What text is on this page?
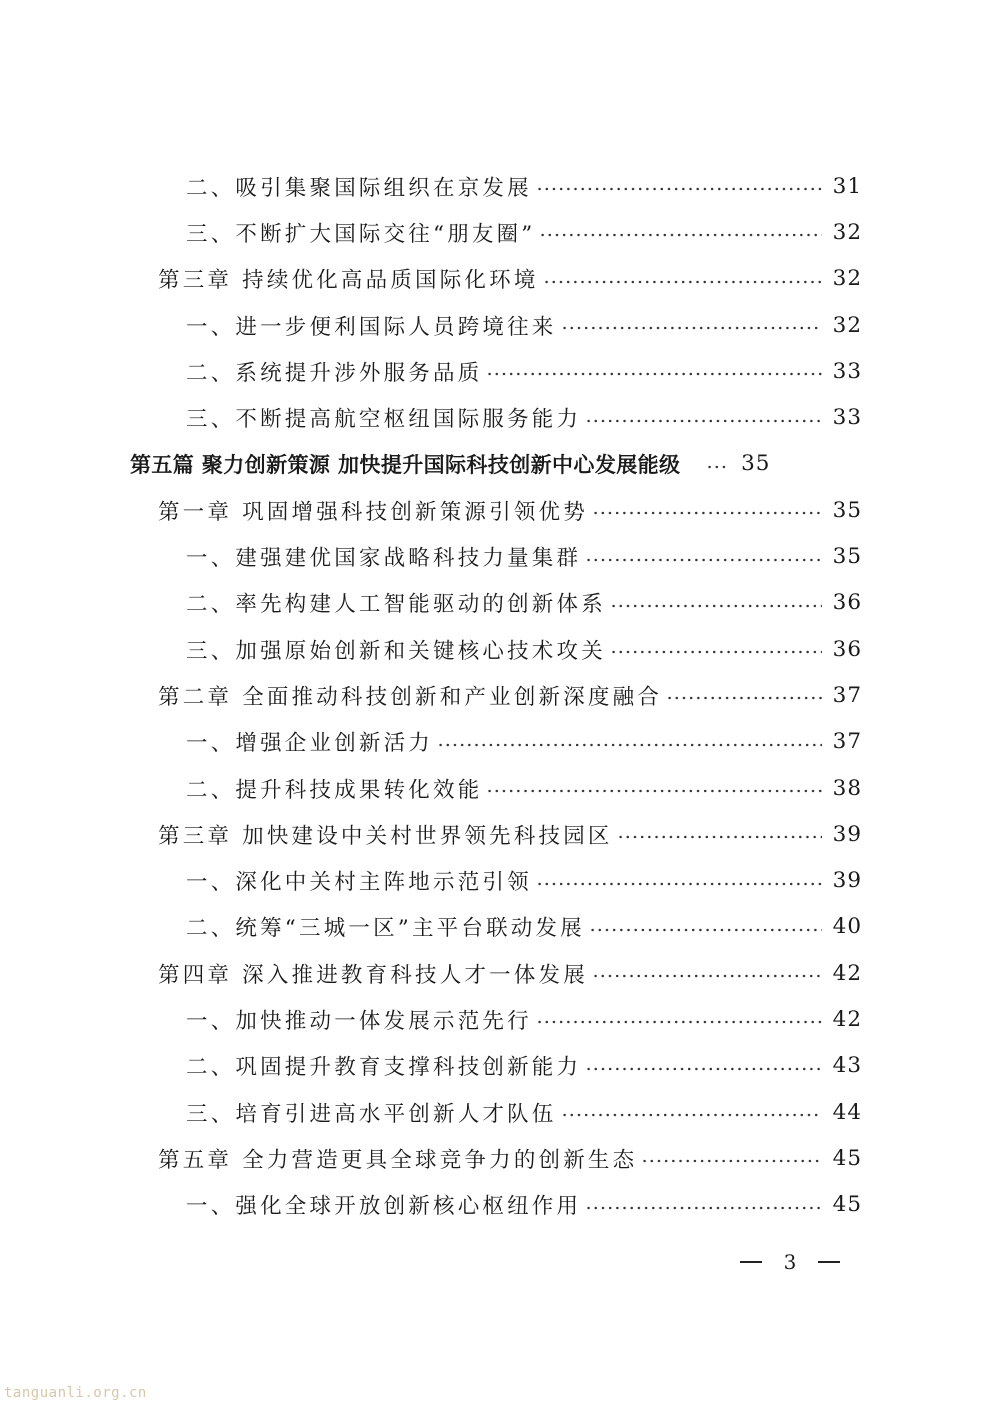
二、吸引集聚国际组织在京发展	31
三、不断扩大国际交往“朋友圈”	32
第三章 持续优化高品质国际化环境	32
一、进一步便利国际人员跨境往来	32
二、系统提升涉外服务品质	33
三、不断提高航空枢纽国际服务能力	33
第五篇 聚力创新策源 加快提升国际科技创新中心发展能级	35
第一章 巩固增强科技创新策源引领优势	35
一、建强建优国家战略科技力量集群	35
二、率先构建人工智能驱动的创新体系	36
三、加强原始创新和关键核心技术攻关	36
第二章 全面推动科技创新和产业创新深度融合	37
一、增强企业创新活力	37
二、提升科技成果转化效能	38
第三章 加快建设中关村世界领先科技园区	39
一、深化中关村主阵地示范引领	39
二、统筹“三城一区”主平台联动发展	40
第四章 深入推进教育科技人才一体发展	42
一、加快推动一体发展示范先行	42
二、巩固提升教育支撑科技创新能力	43
三、培育引进高水平创新人才队伍	44
第五章 全力营造更具全球竞争力的创新生态	45
一、强化全球开放创新核心枢纽作用	45
3
tanguanli.org.cn
